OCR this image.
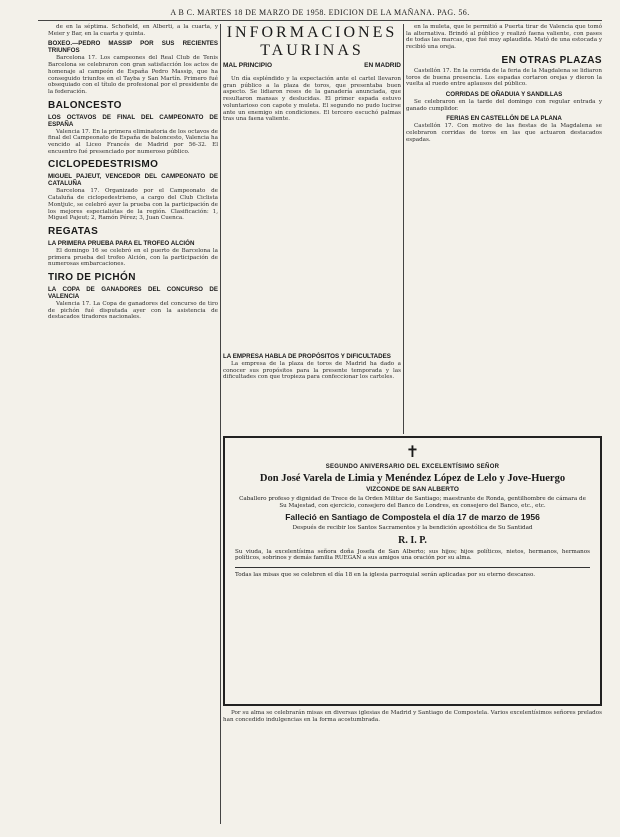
A B C. MARTES 18 DE MARZO DE 1958. EDICION DE LA MAÑANA. PAG. 56.
de en la séptima. Schofield, en Alberti, a la cuarta, y Meier y Bar, en la cuarta y quinta.
BOXEO.—PEDRO MASSIP POR SUS RECIENTES TRIUNFOS
Barcelona 17. Los campeones del Real Club de Tenis Barcelona se celebraron con gran satisfacción los actos de homenaje al campeón de España Pedro Massip, que ha conseguido triunfos en el Tayba y San Martín. Primero fué obsequiado con el título de profesional por el presidente de la federación.
BALONCESTO
LOS OCTAVOS DE FINAL DEL CAMPEONATO DE ESPAÑA
Valencia 17. En la primera eliminatoria de los octavos de final del Campeonato de España de baloncesto, Valencia ha vencido al Liceo Francés de Madrid por 56-32. El encuentro fué presenciado por numeroso público.
CICLOPEDESTRISMO
MIGUEL PAJEUT, VENCEDOR DEL CAMPEONATO DE CATALUÑA
Barcelona 17. Organizado por el Campeonato de Cataluña de ciclopedestrismo, a cargo del Club Ciclista Montjuïc, se celebró ayer la prueba con la participación de los mejores especialistas de la región. Clasificación: 1, Miguel Pajeut; 2, Ramón Pérez; 3, Juan Cuenca.
REGATAS
LA PRIMERA PRUEBA PARA EL TROFEO ALCIÓN
El domingo 16 se celebró en el puerto de Barcelona la primera prueba del trofeo Alción, con la participación de numerosas embarcaciones.
TIRO DE PICHÓN
LA COPA DE GANADORES DEL CONCURSO DE VALENCIA
Valencia 17. La Copa de ganadores del concurso de tiro de pichón fué disputada ayer con la asistencia de destacados tiradores nacionales.
INFORMACIONES
TAURINAS
MAL PRINCIPIO	EN MADRID
Un día espléndido y la expectación ante el cartel llevaron gran público a la plaza de toros, que presentaba buen aspecto. Se lidiaron reses de la ganadería anunciada, que resultaron mansas y deslucidas. El primer espada estuvo voluntarioso con capote y muleta. El segundo no pudo lucirse ante un enemigo sin condiciones. El tercero escuchó palmas tras una faena valiente.
LA EMPRESA HABLA DE PROPÓSITOS Y DIFICULTADES
La empresa de la plaza de toros de Madrid ha dado a conocer sus propósitos para la presente temporada y las dificultades con que tropieza para confeccionar los carteles.
en la muleta, que le permitió a Puerta tirar de Valencia que tomó la alternativa. Brindó al público y realizó faena valiente, con pases de todas las marcas, que fué muy aplaudida. Mató de una estocada y recibió una oreja.
EN OTRAS PLAZAS
Castellón 17. En la corrida de la feria de la Magdalena se lidiaron toros de buena presencia. Los espadas cortaron orejas y dieron la vuelta al ruedo entre aplausos del público.
CORRIDAS DE OÑADUIA Y SANDILLAS
Se celebraron en la tarde del domingo con regular entrada y ganado cumplidor.
FERIAS EN CASTELLÓN DE LA PLANA
Castellón 17. Con motivo de las fiestas de la Magdalena se celebraron corridas de toros en las que actuaron destacados espadas.
✝
SEGUNDO ANIVERSARIO DEL EXCELENTÍSIMO SEÑOR
Don José Varela de Limia y Menéndez López de Lelo y Jove-Huergo
VIZCONDE DE SAN ALBERTO
Caballero profeso y dignidad de Trece de la Orden Militar de Santiago; maestrante de Ronda, gentilhombre de cámara de Su Majestad, con ejercicio, consejero del Banco de Londres, ex consejero del Banco, etc., etc.
Falleció en Santiago de Compostela el día 17 de marzo de 1956
Después de recibir los Santos Sacramentos y la bendición apostólica de Su Santidad
R. I. P.
Su viuda, la excelentísima señora doña Josefa de San Alberto; sus hijos; hijos políticos, nietos, hermanos, hermanos políticos, sobrinos y demás familia RUEGAN a sus amigos una oración por su alma.
Todas las misas que se celebren el día 18 en la iglesia parroquial serán aplicadas por su eterno descanso.
Por su alma se celebrarán misas en diversas iglesias de Madrid y Santiago de Compostela. Varios excelentísimos señores prelados han concedido indulgencias en la forma acostumbrada.
